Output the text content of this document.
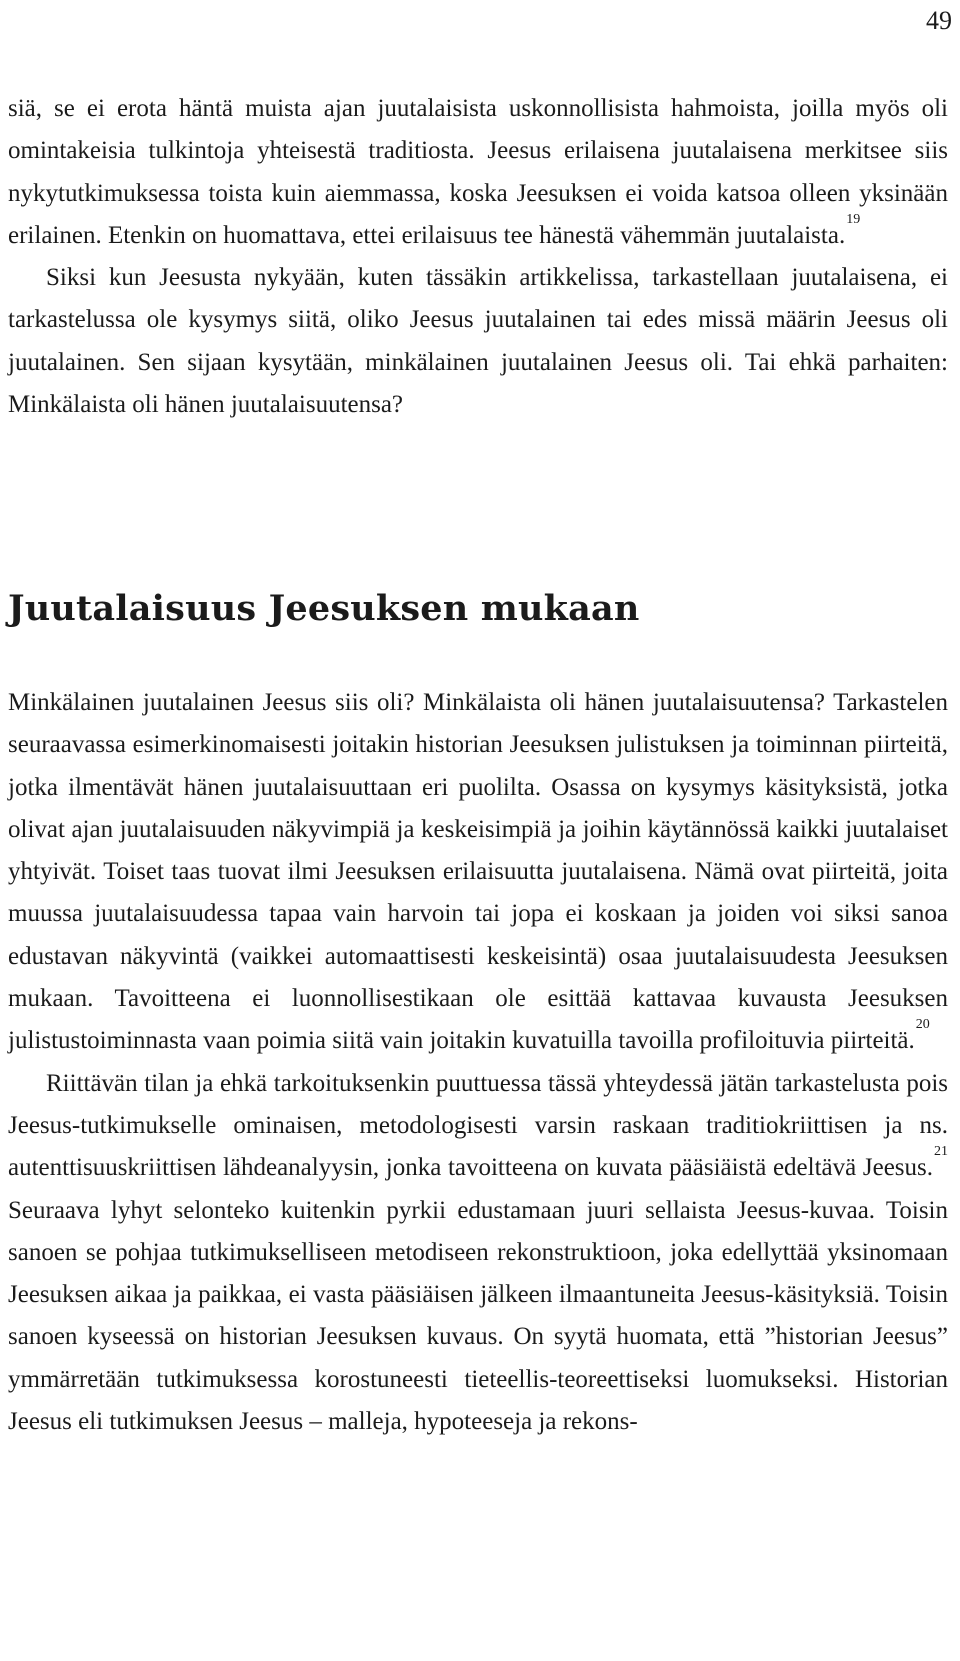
49

siä, se ei erota häntä muista ajan juutalaisista uskonnollisista hahmoista, joilla myös oli omintakeisia tulkintoja yhteisestä traditiosta. Jeesus erilaisena juutalaisena merkitsee siis nykytutkimuksessa toista kuin aiemmassa, koska Jeesuksen ei voida katsoa olleen yksinään erilainen. Etenkin on huomattava, ettei erilaisuus tee hänestä vähemmän juutalaista.$^{19}$

Siksi kun Jeesusta nykyään, kuten tässäkin artikkelissa, tarkastellaan juutalaisena, ei tarkastelussa ole kysymys siitä, oliko Jeesus juutalainen tai edes missä määrin Jeesus oli juutalainen. Sen sijaan kysytään, minkälainen juutalainen Jeesus oli. Tai ehkä parhaiten: Minkälaista oli hänen juutalaisuutensa?

Juutalaisuus Jeesuksen mukaan

Minkälainen juutalainen Jeesus siis oli? Minkälaista oli hänen juutalaisuutensa? Tarkastelen seuraavassa esimerkinomaisesti joitakin historian Jeesuksen julistuksen ja toiminnan piirteitä, jotka ilmentävät hänen juutalaisuuttaan eri puolilta. Osassa on kysymys käsityksistä, jotka olivat ajan juutalaisuuden näkyvimpiä ja keskeisimpiä ja joihin käytännössä kaikki juutalaiset yhtyivät. Toiset taas tuovat ilmi Jeesuksen erilaisuutta juutalaisena. Nämä ovat piirteitä, joita muussa juutalaisuudessa tapaa vain harvoin tai jopa ei koskaan ja joiden voi siksi sanoa edustavan näkyvintä (vaikkei automaattisesti keskeisintä) osaa juutalaisuudesta Jeesuksen mukaan. Tavoitteena ei luonnollisestikaan ole esittää kattavaa kuvausta Jeesuksen julistustoiminnasta vaan poimia siitä vain joitakin kuvatuilla tavoilla profiloituvia piirteitä.$^{20}$

Riittävän tilan ja ehkä tarkoituksenkin puuttuessa tässä yhteydessä jätän tarkastelusta pois Jeesus-tutkimukselle ominaisen, metodologisesti varsin raskaan traditiokriittisen ja ns. autenttisuuskriittisen lähdeanalyysin, jonka tavoitteena on kuvata pääsiäistä edeltävä Jeesus.$^{21}$ Seuraava lyhyt selonteko kuitenkin pyrkii edustamaan juuri sellaista Jeesus-kuvaa. Toisin sanoen se pohjaa tutkimukselliseen metodiseen rekonstruktioon, joka edellyttää yksinomaan Jeesuksen aikaa ja paikkaa, ei vasta pääsiäisen jälkeen ilmaantuneita Jeesus-käsityksiä. Toisin sanoen kyseessä on historian Jeesuksen kuvaus. On syytä huomata, että ”historian Jeesus” ymmärretään tutkimuksessa korostuneesti tieteellis-teoreettiseksi luomukseksi. Historian Jeesus eli tutkimuksen Jeesus – malleja, hypoteeseja ja rekons-
